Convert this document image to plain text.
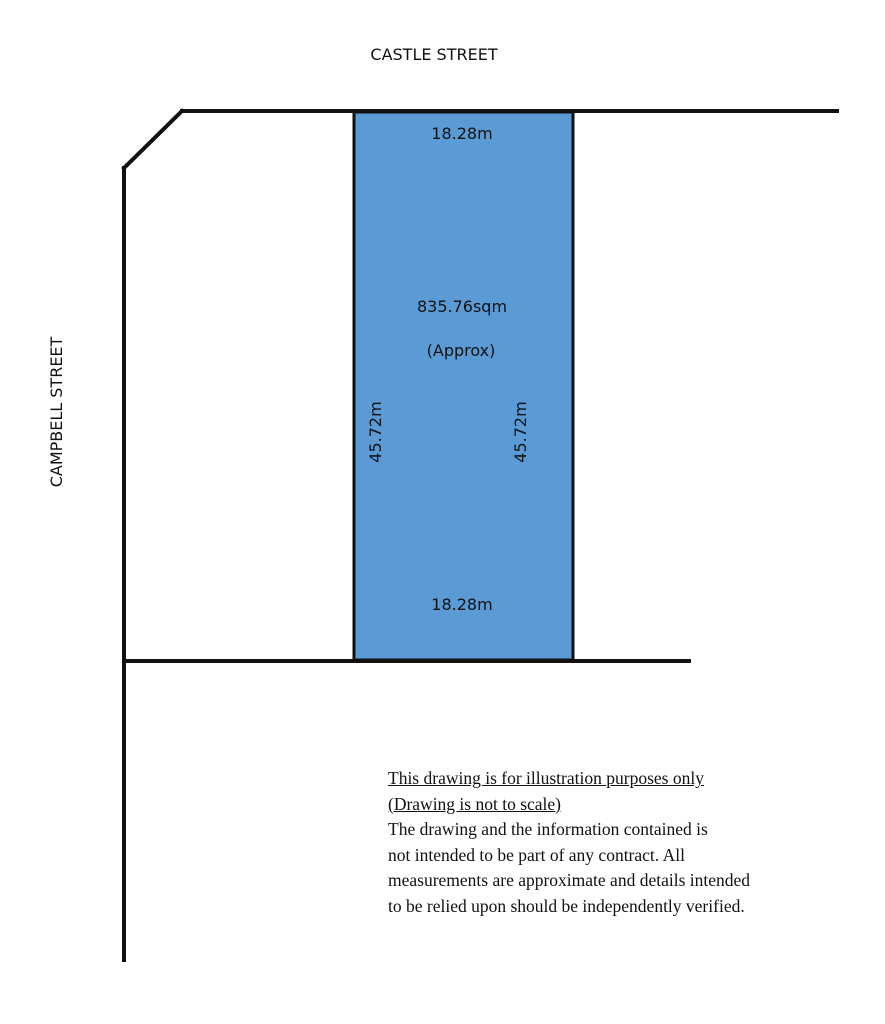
CASTLE STREET
CAMPBELL STREET
18.28m
835.76sqm
(Approx)
45.72m	45.72m
18.28m
This drawing is for illustration purposes only
(Drawing is not to scale)
The drawing and the information contained is
not intended to be part of any contract. All
measurements are approximate and details intended
to be relied upon should be independently verified.
